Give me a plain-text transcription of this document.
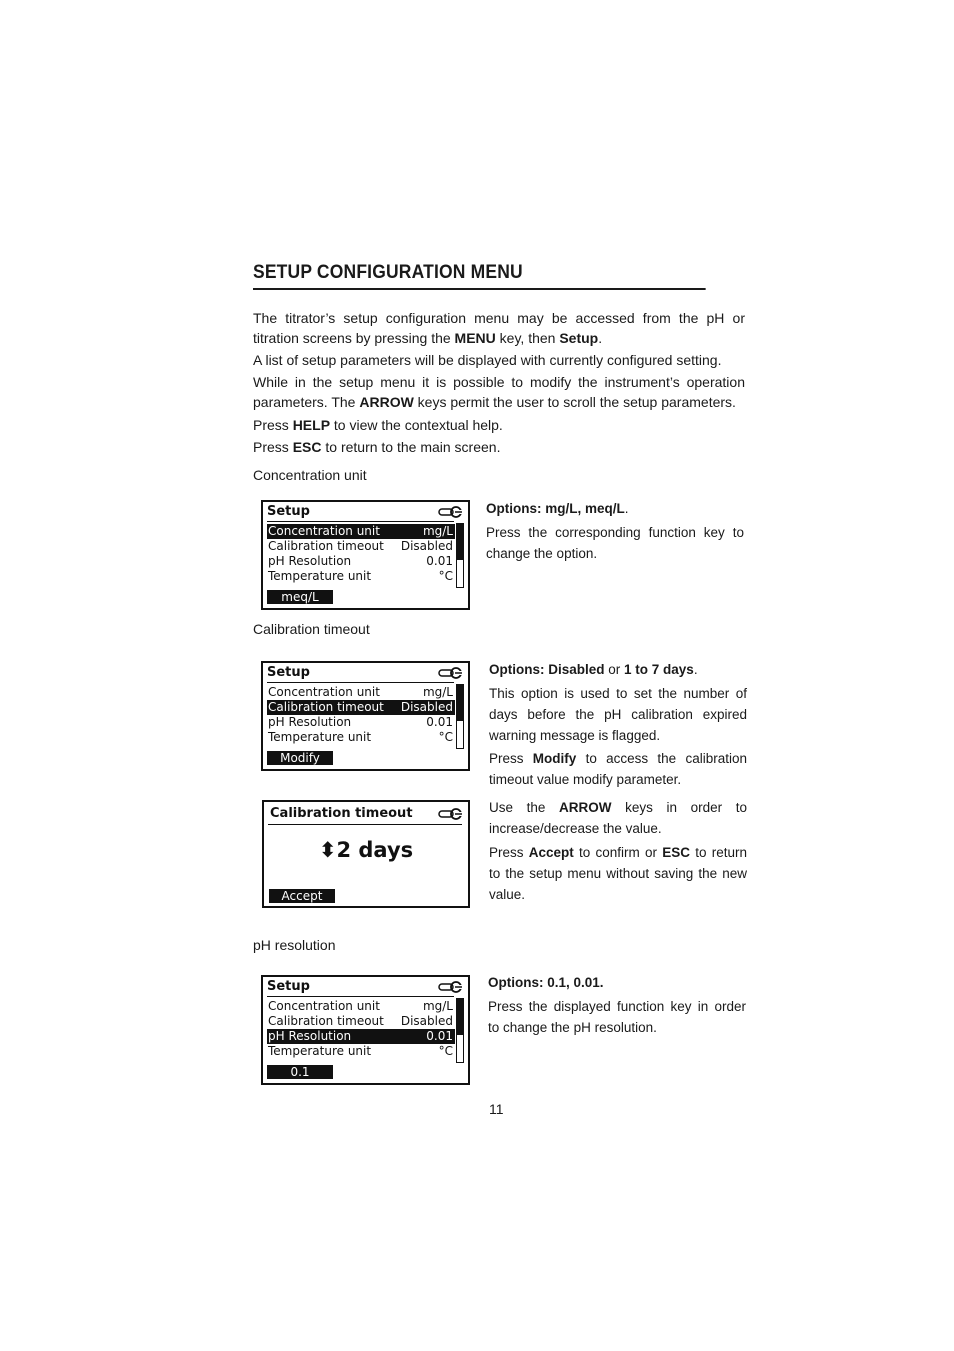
SETUP CONFIGURATION MENU
The titrator’s setup configuration menu may be accessed from the pH or titration screens by pressing the MENU key, then Setup.
A list of setup parameters will be displayed with currently configured setting.
While in the setup menu it is possible to modify the instrument’s operation parameters. The ARROW keys permit the user to scroll the setup parameters.
Press HELP to view the contextual help.
Press ESC to return to the main screen.
Concentration unit
Setup
Concentration unit	mg/L
Calibration timeout Disabled
pH Resolution	0.01
Temperature unit	°C
meq/L
Options: mg/L, meq/L.
Press the corresponding function key to change the option.
Calibration timeout
Setup
Concentration unit	mg/L
Calibration timeout Disabled
pH Resolution	0.01
Temperature unit	°C
Modify
Options: Disabled or 1 to 7 days.
This option is used to set the number of days before the pH calibration expired warning message is flagged.
Press Modify to access the calibration timeout value modify parameter.
Calibration timeout
⬍2 days
Accept
Use the ARROW keys in order to increase/decrease the value.
Press Accept to confirm or ESC to return to the setup menu without saving the new value.
pH resolution
Setup
Concentration unit	mg/L
Calibration timeout Disabled
pH Resolution	0.01
Temperature unit	°C
0.1
Options: 0.1, 0.01.
Press the displayed function key in order to change the pH resolution.
11
